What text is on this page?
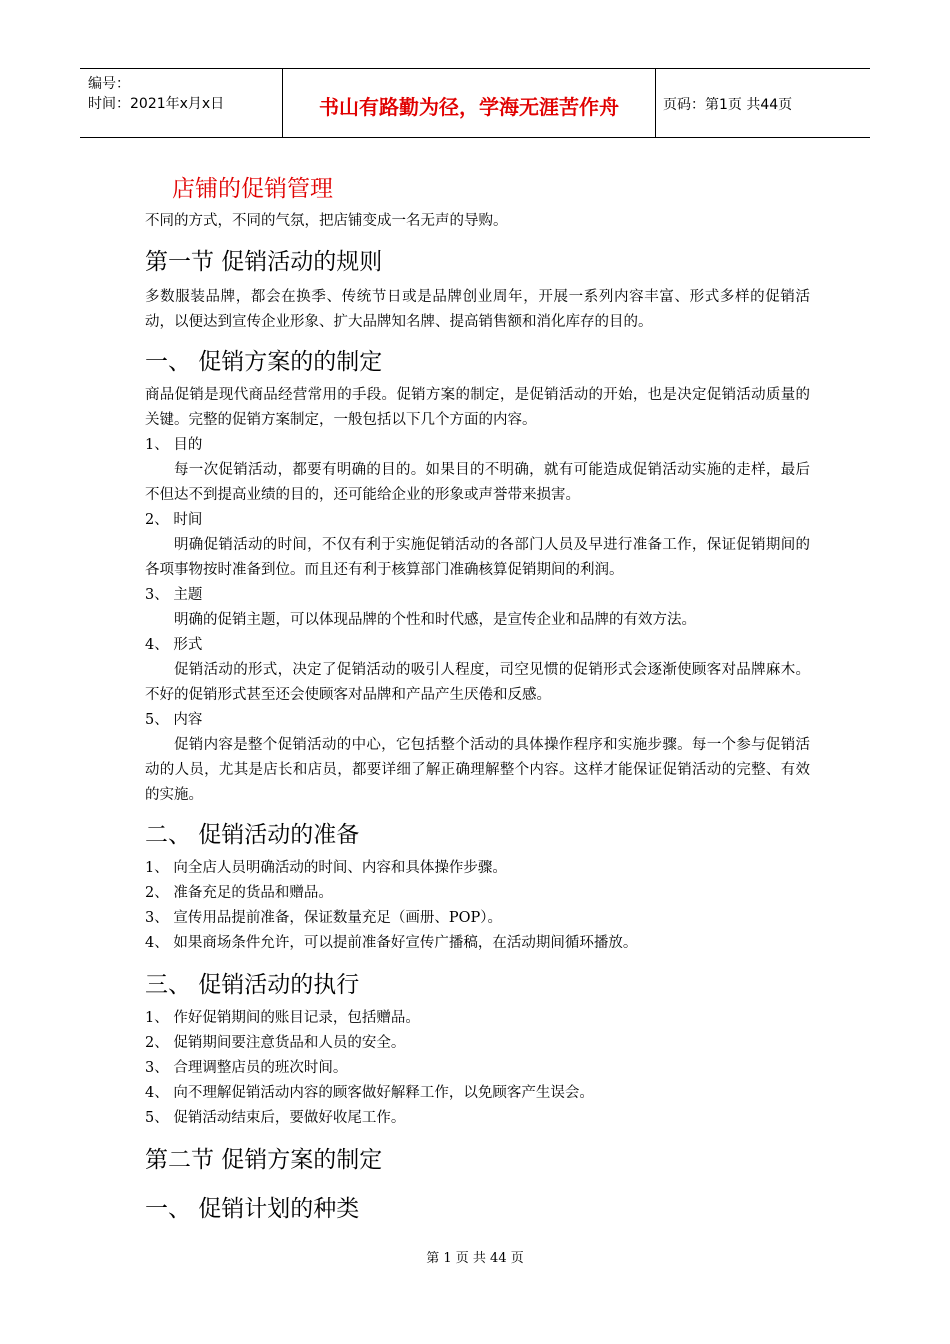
编号：
时间：2021年x月x日	书山有路勤为径，学海无涯苦作舟	页码：第1页 共44页
店铺的促销管理

不同的方式，不同的气氛，把店铺变成一名无声的导购。

第一节 促销活动的规则

多数服装品牌，都会在换季、传统节日或是品牌创业周年，开展一系列内容丰富、形式多样的促销活动，以便达到宣传企业形象、扩大品牌知名牌、提高销售额和消化库存的目的。

一、 促销方案的的制定

商品促销是现代商品经营常用的手段。促销方案的制定，是促销活动的开始，也是决定促销活动质量的关键。完整的促销方案制定，一般包括以下几个方面的内容。

1、 目的

每一次促销活动，都要有明确的目的。如果目的不明确，就有可能造成促销活动实施的走样，最后不但达不到提高业绩的目的，还可能给企业的形象或声誉带来损害。

2、 时间

明确促销活动的时间，不仅有利于实施促销活动的各部门人员及早进行准备工作，保证促销期间的各项事物按时准备到位。而且还有利于核算部门准确核算促销期间的利润。

3、 主题

明确的促销主题，可以体现品牌的个性和时代感，是宣传企业和品牌的有效方法。

4、 形式

促销活动的形式，决定了促销活动的吸引人程度，司空见惯的促销形式会逐渐使顾客对品牌麻木。不好的促销形式甚至还会使顾客对品牌和产品产生厌倦和反感。

5、 内容

促销内容是整个促销活动的中心，它包括整个活动的具体操作程序和实施步骤。每一个参与促销活动的人员，尤其是店长和店员，都要详细了解正确理解整个内容。这样才能保证促销活动的完整、有效的实施。

二、 促销活动的准备

1、 向全店人员明确活动的时间、内容和具体操作步骤。

2、 准备充足的货品和赠品。

3、 宣传用品提前准备，保证数量充足（画册、POP）。

4、 如果商场条件允许，可以提前准备好宣传广播稿，在活动期间循环播放。

三、 促销活动的执行

1、 作好促销期间的账目记录，包括赠品。

2、 促销期间要注意货品和人员的安全。

3、 合理调整店员的班次时间。

4、 向不理解促销活动内容的顾客做好解释工作，以免顾客产生误会。

5、 促销活动结束后，要做好收尾工作。

第二节 促销方案的制定
一、 促销计划的种类
第 1 页 共 44 页
